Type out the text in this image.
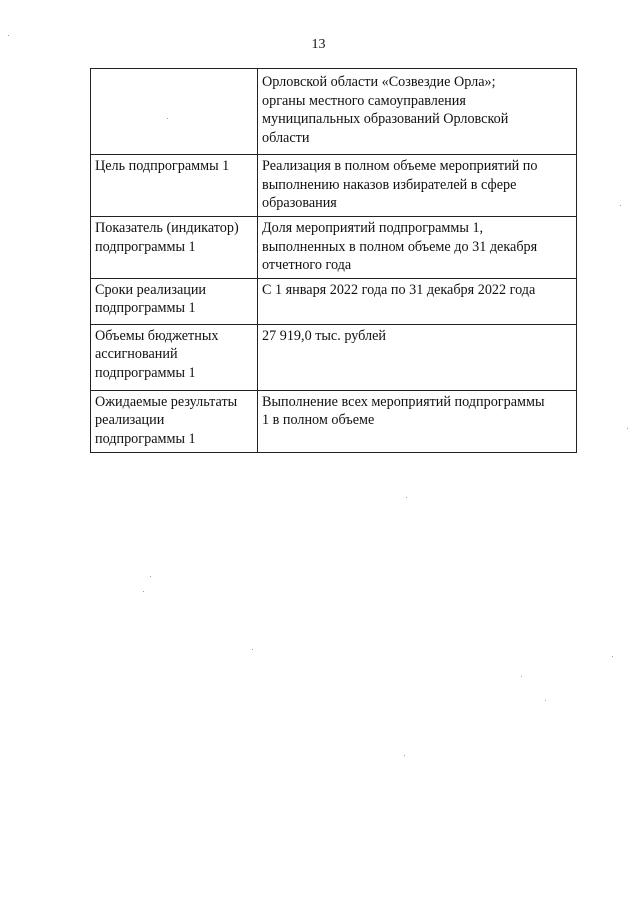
13

	Орловской области «Созвездие Орла»;
органы местного самоуправления
муниципальных образований Орловской
области

Цель подпрограммы 1	Реализация в полном объеме мероприятий по
выполнению наказов избирателей в сфере
образования

Показатель (индикатор)
подпрограммы 1	Доля мероприятий подпрограммы 1,
выполненных в полном объеме до 31 декабря
отчетного года

Сроки реализации
подпрограммы 1	С 1 января 2022 года по 31 декабря 2022 года

Объемы бюджетных
ассигнований
подпрограммы 1	27 919,0 тыс. рублей

Ожидаемые результаты
реализации
подпрограммы 1	Выполнение всех мероприятий подпрограммы
1 в полном объеме
